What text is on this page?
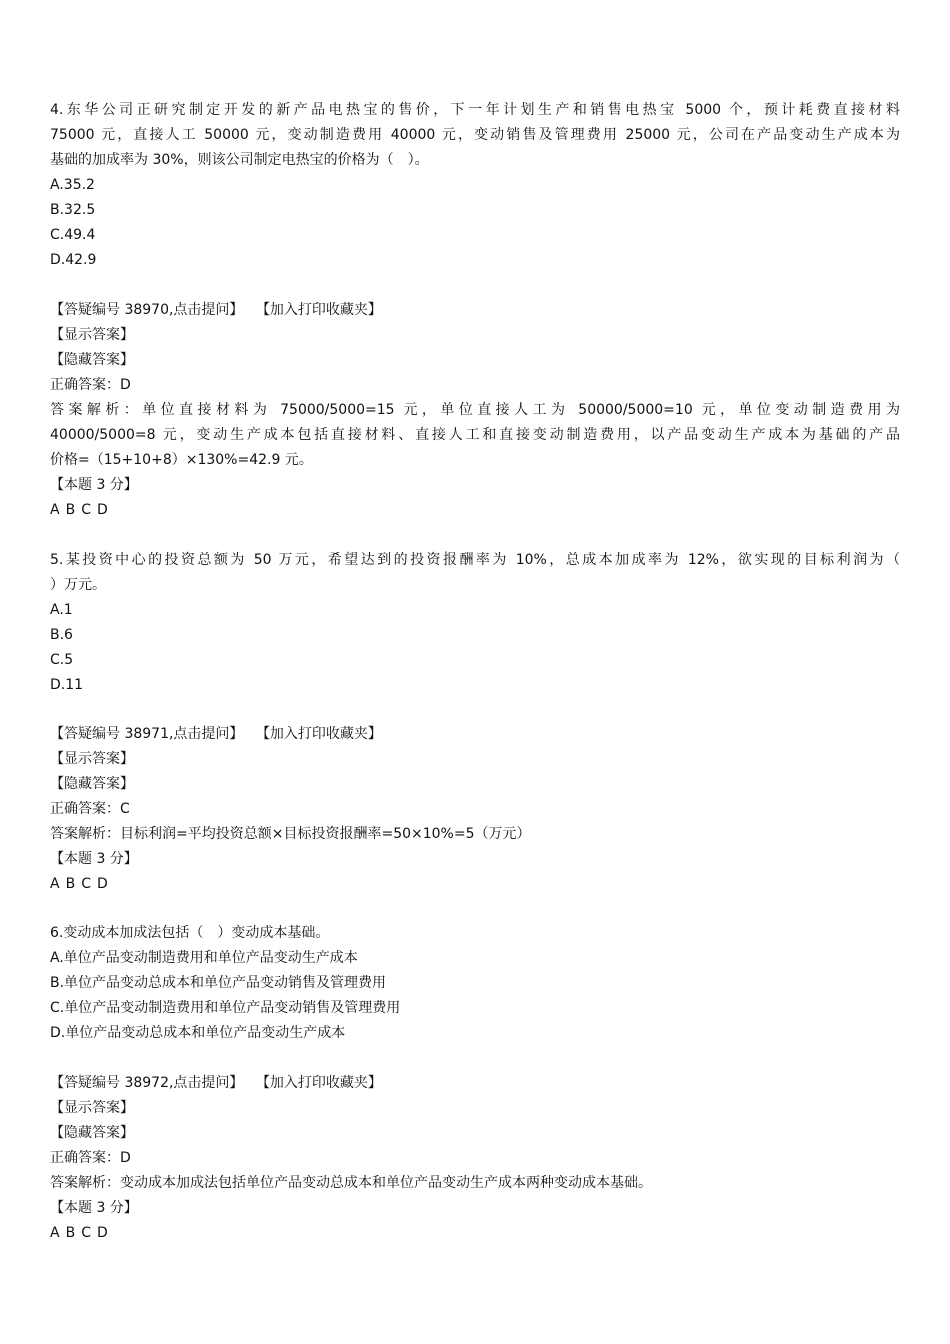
4.东华公司正研究制定开发的新产品电热宝的售价，下一年计划生产和销售电热宝 5000 个，预计耗费直接材料
75000 元，直接人工 50000 元，变动制造费用 40000 元，变动销售及管理费用 25000 元，公司在产品变动生产成本为
基础的加成率为 30%，则该公司制定电热宝的价格为（　）。
A.35.2
B.32.5
C.49.4
D.42.9
【答疑编号 38970,点击提问】 【加入打印收藏夹】
【显示答案】
【隐藏答案】
正确答案：D
答案解析：单位直接材料为 75000/5000=15 元，单位直接人工为 50000/5000=10 元，单位变动制造费用为
40000/5000=8 元，变动生产成本包括直接材料、直接人工和直接变动制造费用，以产品变动生产成本为基础的产品
价格=（15+10+8）×130%=42.9 元。
【本题 3 分】
A B C D
5.某投资中心的投资总额为 50 万元，希望达到的投资报酬率为 10%，总成本加成率为 12%，欲实现的目标利润为（
）万元。
A.1
B.6
C.5
D.11
【答疑编号 38971,点击提问】 【加入打印收藏夹】
【显示答案】
【隐藏答案】
正确答案：C
答案解析：目标利润=平均投资总额×目标投资报酬率=50×10%=5（万元）
【本题 3 分】
A B C D
6.变动成本加成法包括（　）变动成本基础。
A.单位产品变动制造费用和单位产品变动生产成本
B.单位产品变动总成本和单位产品变动销售及管理费用
C.单位产品变动制造费用和单位产品变动销售及管理费用
D.单位产品变动总成本和单位产品变动生产成本
【答疑编号 38972,点击提问】 【加入打印收藏夹】
【显示答案】
【隐藏答案】
正确答案：D
答案解析：变动成本加成法包括单位产品变动总成本和单位产品变动生产成本两种变动成本基础。
【本题 3 分】
A B C D
